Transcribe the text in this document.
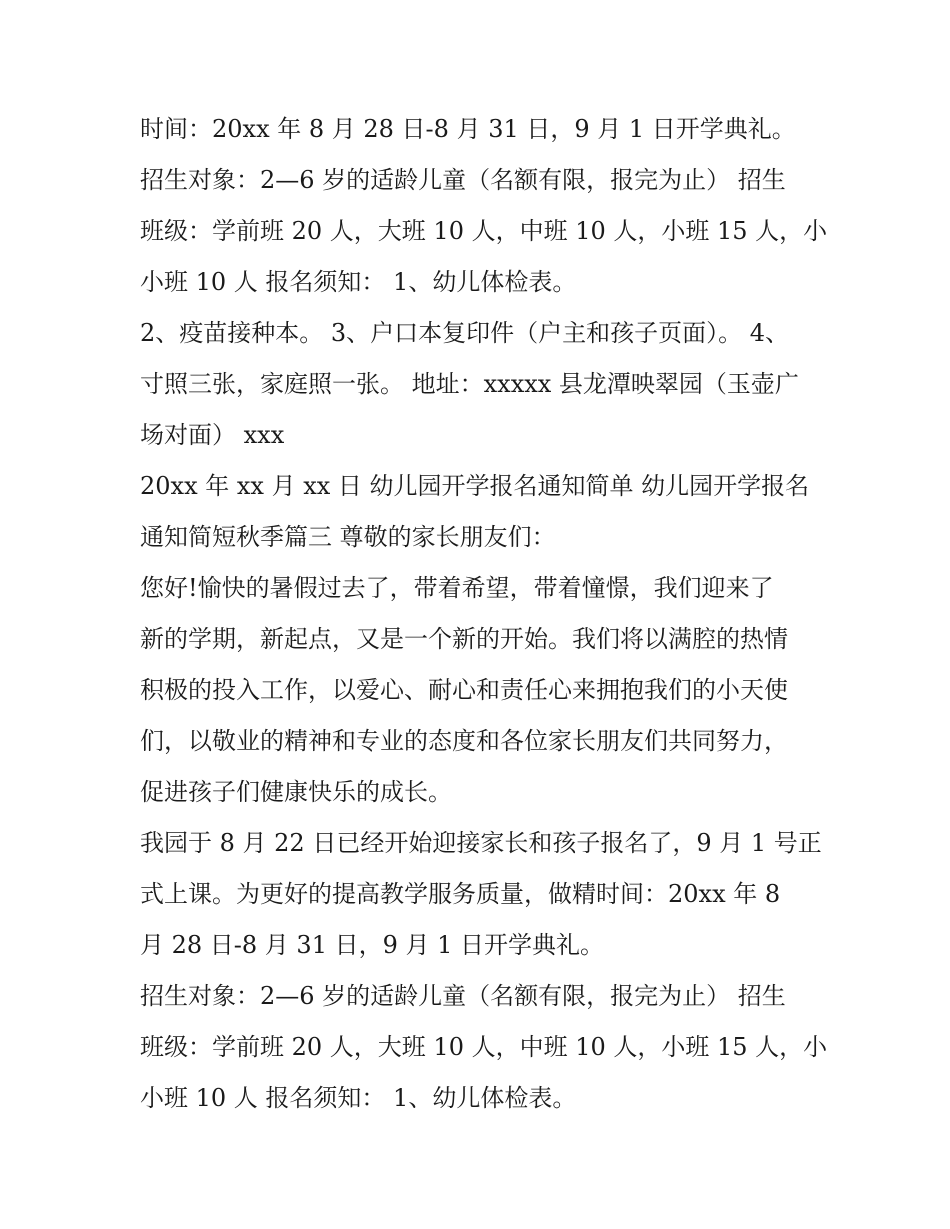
时间：20xx 年 8 月 28 日-8 月 31 日，9 月 1 日开学典礼。
招生对象：2—6 岁的适龄儿童（名额有限，报完为止） 招生
班级：学前班 20 人，大班 10 人，中班 10 人，小班 15 人，小
小班 10 人 报名须知： 1、幼儿体检表。
2、疫苗接种本。 3、户口本复印件（户主和孩子页面）。 4、
寸照三张，家庭照一张。 地址：xxxxx 县龙潭映翠园（玉壶广
场对面） xxx
20xx 年 xx 月 xx 日 幼儿园开学报名通知简单 幼儿园开学报名
通知简短秋季篇三 尊敬的家长朋友们：
您好!愉快的暑假过去了，带着希望，带着憧憬，我们迎来了
新的学期，新起点，又是一个新的开始。我们将以满腔的热情
积极的投入工作，以爱心、耐心和责任心来拥抱我们的小天使
们，以敬业的精神和专业的态度和各位家长朋友们共同努力，
促进孩子们健康快乐的成长。
我园于 8 月 22 日已经开始迎接家长和孩子报名了，9 月 1 号正
式上课。为更好的提高教学服务质量，做精时间：20xx 年 8
月 28 日-8 月 31 日，9 月 1 日开学典礼。
招生对象：2—6 岁的适龄儿童（名额有限，报完为止） 招生
班级：学前班 20 人，大班 10 人，中班 10 人，小班 15 人，小
小班 10 人 报名须知： 1、幼儿体检表。
